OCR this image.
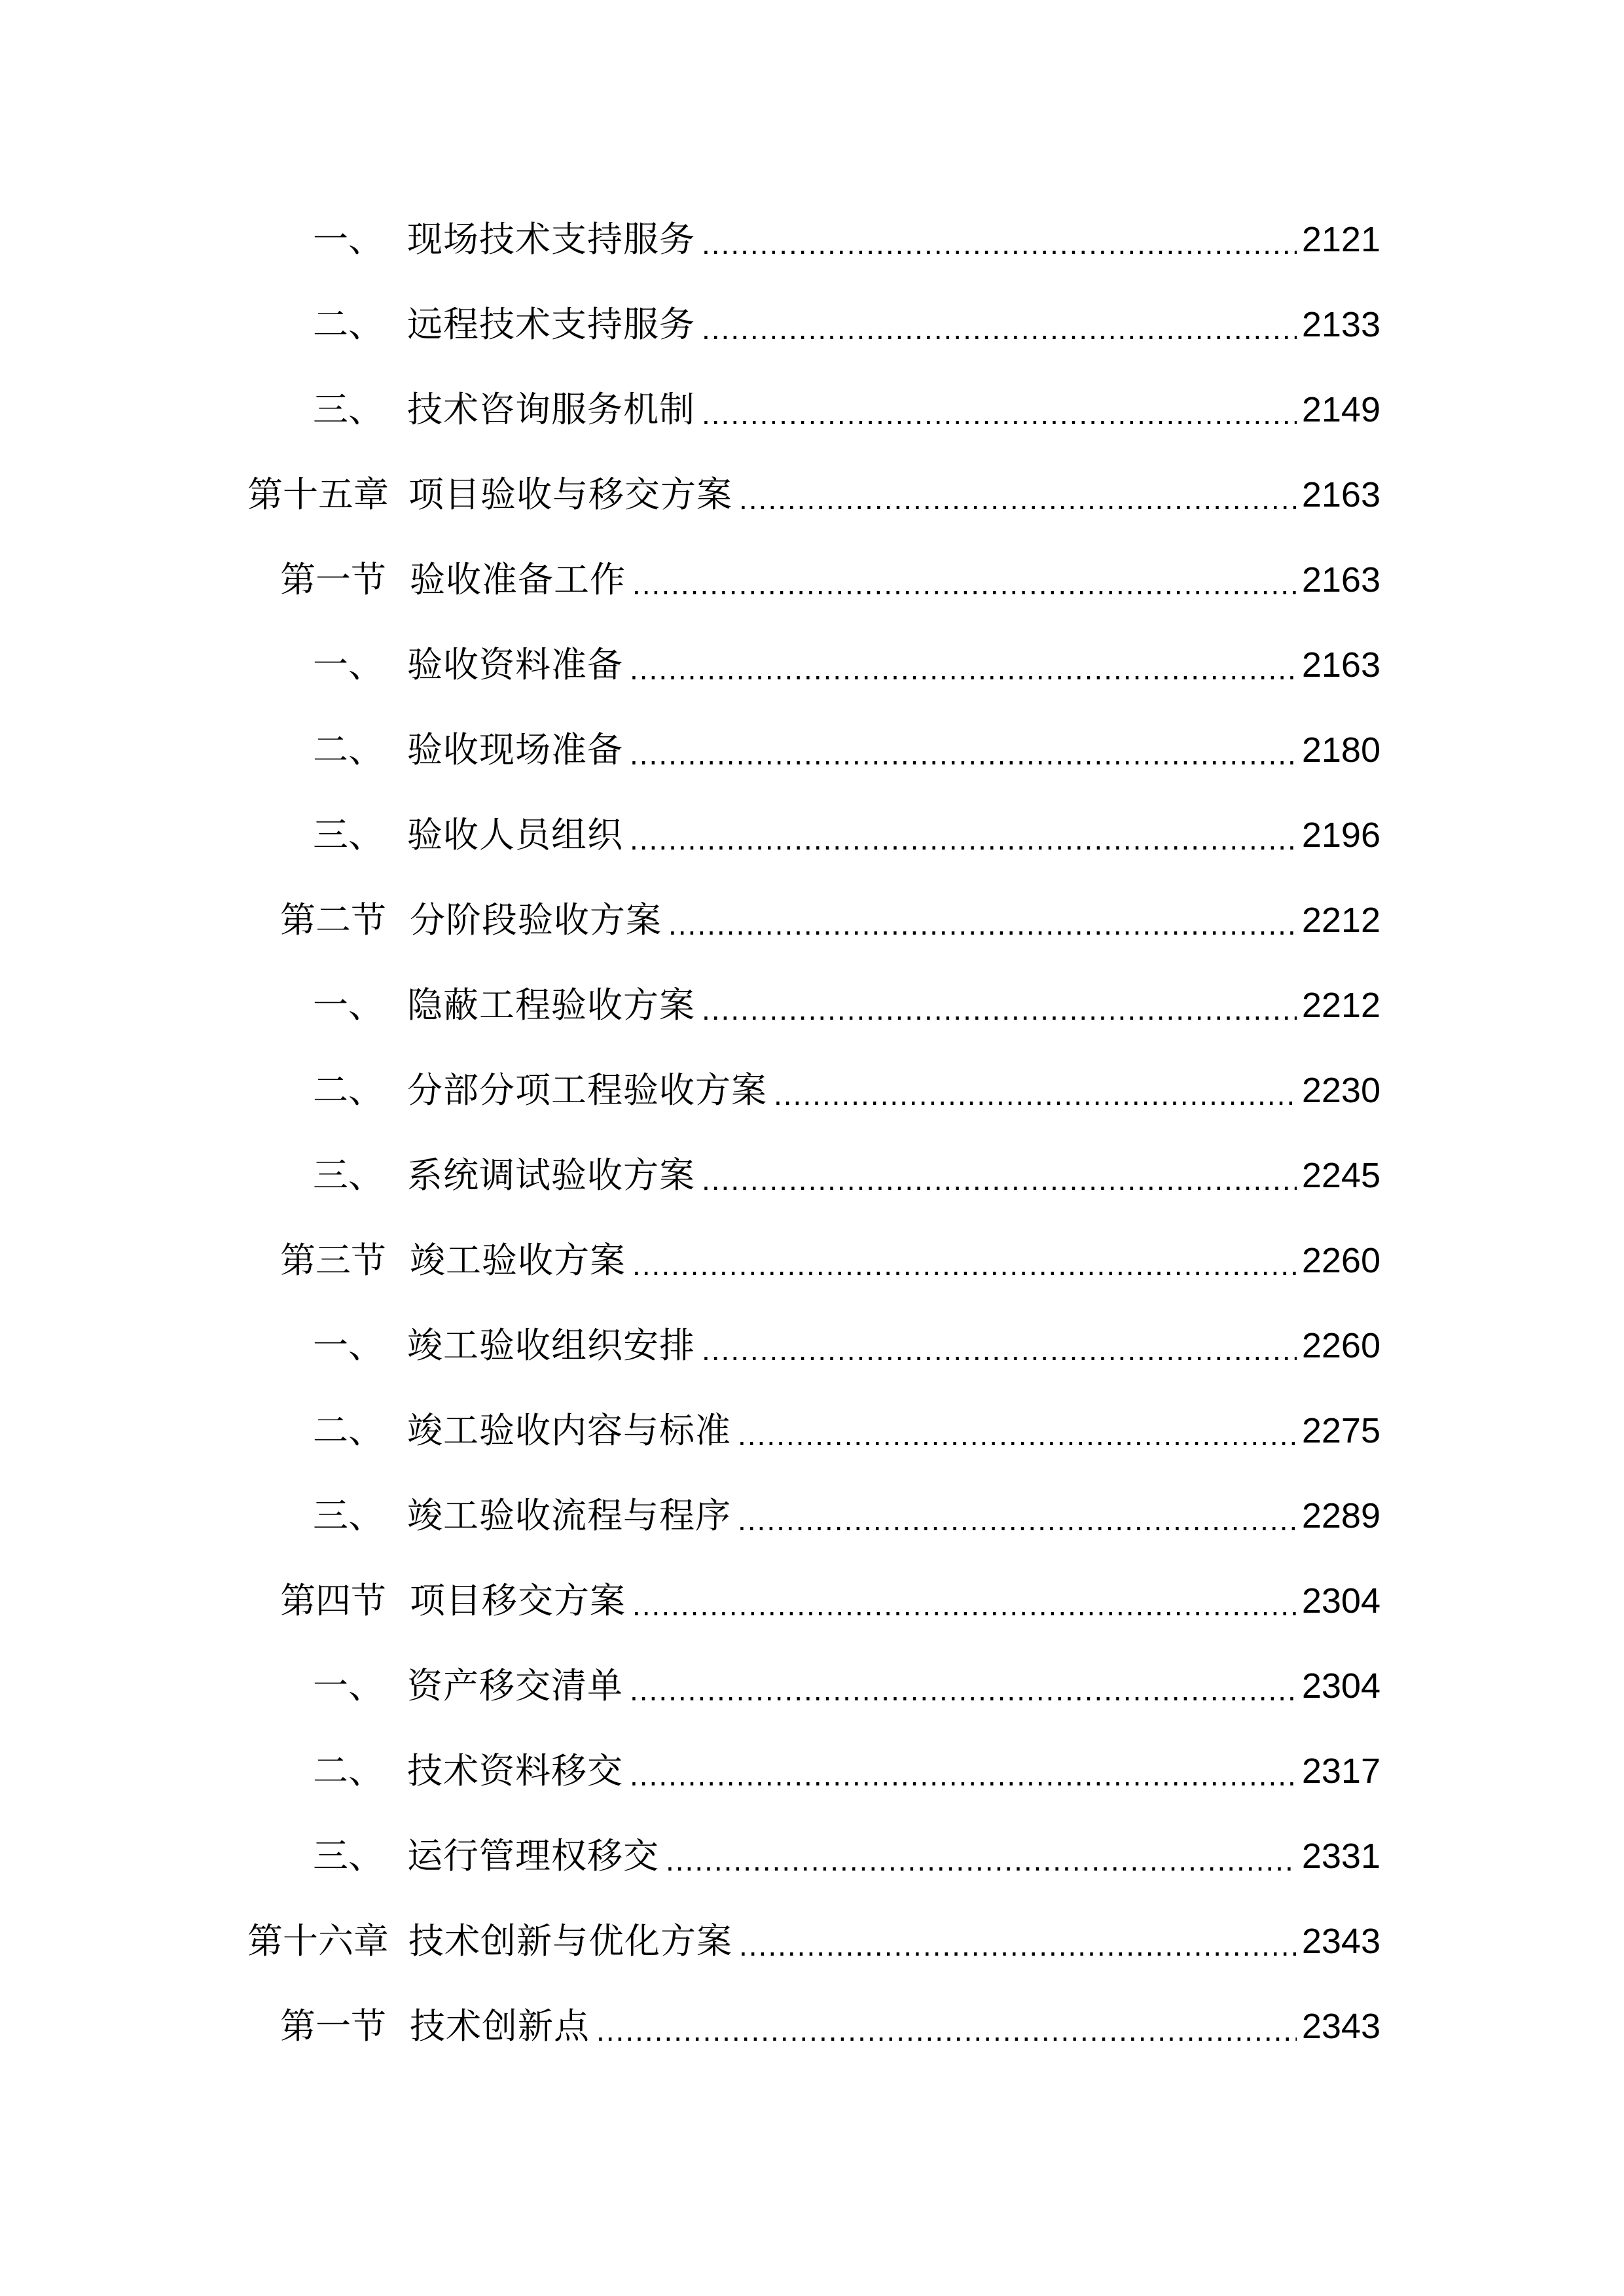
一、 现场技术支持服务 .....	2121
二、 远程技术支持服务 .....	2133
三、 技术咨询服务机制 .....	2149
第十五章 项目验收与移交方案 .....	2163
第一节 验收准备工作 .....	2163
一、 验收资料准备 .....	2163
二、 验收现场准备 .....	2180
三、 验收人员组织 .....	2196
第二节 分阶段验收方案 .....	2212
一、 隐蔽工程验收方案 .....	2212
二、 分部分项工程验收方案 .....	2230
三、 系统调试验收方案 .....	2245
第三节 竣工验收方案 .....	2260
一、 竣工验收组织安排 .....	2260
二、 竣工验收内容与标准 .....	2275
三、 竣工验收流程与程序 .....	2289
第四节 项目移交方案 .....	2304
一、 资产移交清单 .....	2304
二、 技术资料移交 .....	2317
三、 运行管理权移交 .....	2331
第十六章 技术创新与优化方案 .....	2343
第一节 技术创新点 .....	2343
